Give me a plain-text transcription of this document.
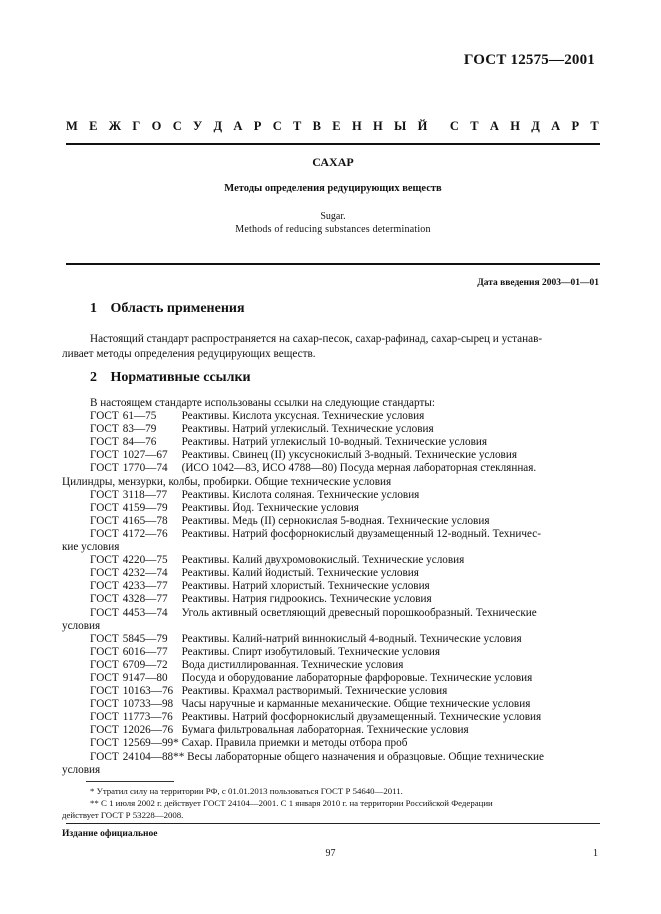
ГОСТ 12575—2001
М Е Ж Г О С У Д А Р С Т В Е Н Н Ы Й С Т А Н Д А Р Т
САХАР
Методы определения редуцирующих веществ
Sugar.
Methods of reducing substances determination
Дата введения 2003—01—01
1 Область применения
Настоящий стандарт распространяется на сахар-песок, сахар-рафинад, сахар-сырец и устанав-
ливает методы определения редуцирующих веществ.
2 Нормативные ссылки
В настоящем стандарте использованы ссылки на следующие стандарты:
ГОСТ 61—75 Реактивы. Кислота уксусная. Технические условия
ГОСТ 83—79 Реактивы. Натрий углекислый. Технические условия
ГОСТ 84—76 Реактивы. Натрий углекислый 10-водный. Технические условия
ГОСТ 1027—67 Реактивы. Свинец (II) уксуснокислый 3-водный. Технические условия
ГОСТ 1770—74 (ИСО 1042—83, ИСО 4788—80) Посуда мерная лабораторная стеклянная.
Цилиндры, мензурки, колбы, пробирки. Общие технические условия
ГОСТ 3118—77 Реактивы. Кислота соляная. Технические условия
ГОСТ 4159—79 Реактивы. Йод. Технические условия
ГОСТ 4165—78 Реактивы. Медь (II) сернокислая 5-водная. Технические условия
ГОСТ 4172—76 Реактивы. Натрий фосфорнокислый двузамещенный 12-водный. Техничес-
кие условия
ГОСТ 4220—75 Реактивы. Калий двухромовокислый. Технические условия
ГОСТ 4232—74 Реактивы. Калий йодистый. Технические условия
ГОСТ 4233—77 Реактивы. Натрий хлористый. Технические условия
ГОСТ 4328—77 Реактивы. Натрия гидроокись. Технические условия
ГОСТ 4453—74 Уголь активный осветляющий древесный порошкообразный. Технические
условия
ГОСТ 5845—79 Реактивы. Калий-натрий виннокислый 4-водный. Технические условия
ГОСТ 6016—77 Реактивы. Спирт изобутиловый. Технические условия
ГОСТ 6709—72 Вода дистиллированная. Технические условия
ГОСТ 9147—80 Посуда и оборудование лабораторные фарфоровые. Технические условия
ГОСТ 10163—76 Реактивы. Крахмал растворимый. Технические условия
ГОСТ 10733—98 Часы наручные и карманные механические. Общие технические условия
ГОСТ 11773—76 Реактивы. Натрий фосфорнокислый двузамещенный. Технические условия
ГОСТ 12026—76 Бумага фильтровальная лабораторная. Технические условия
ГОСТ 12569—99* Сахар. Правила приемки и методы отбора проб
ГОСТ 24104—88** Весы лабораторные общего назначения и образцовые. Общие технические
условия
* Утратил силу на территории РФ, с 01.01.2013 пользоваться ГОСТ Р 54640—2011.
** С 1 июля 2002 г. действует ГОСТ 24104—2001. С 1 января 2010 г. на территории Российской Федерации
действует ГОСТ Р 53228—2008.
Издание официальное
97	1
